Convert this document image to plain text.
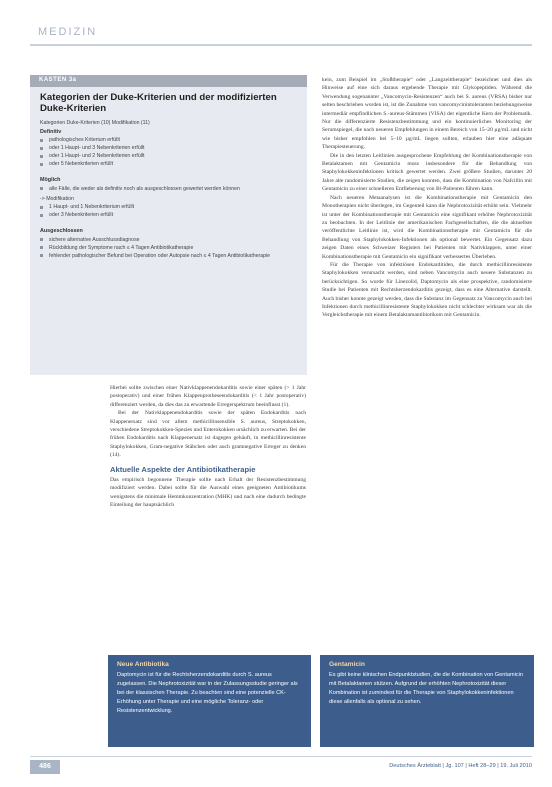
MEDIZIN
KASTEN 3a
Kategorien der Duke-Kriterien und der modifizierten Duke-Kriterien
Kategorien Duke-Kriterien (10) Modifikation (11)
Definitiv
pathologisches Kriterium erfüllt
oder 1 Haupt- und 3 Nebenkriterien erfüllt
oder 1 Haupt- und 2 Nebenkriterien erfüllt
oder 5 Nebenkriterien erfüllt
Möglich
alle Fälle, die weder als definitiv noch als ausgeschlossen gewertet werden können
-> Modifikation
1 Haupt- und 1 Nebenkriterium erfüllt
oder 3 Nebenkriterien erfüllt
Ausgeschlossen
sichere alternative Ausschlussdiagnose
Rückbildung der Symptome nach ≤ 4 Tagen Antibiotikatherapie
fehlender pathologischer Befund bei Operation oder Autopsie nach ≤ 4 Tagen Antibiotikatherapie

kein, zum Beispiel im „Stoßtherapie“ oder „Langzeittherapie“ bezeichnet und dies als Hinweise auf eine sich daraus ergebende Therapie mit Glykopeptiden. Während die Verwendung sogenannter „Vancomycin-Resistenzen“ auch bei S. aureus (VRSA) bisher nur selten beschrieben worden ist, ist die Zunahme von vancomycinintoleranten beziehungsweise intermediär empfindlichen S.-aureus-Stämmen (VISA) der eigentliche Kern der Problematik. Nur die differenzierte Resistenzbestimmung und ein kontinuierliches Monitoring der Serumspiegel, die nach neueren Empfehlungen in einem Bereich von 15–20 µg/mL und nicht wie bisher empfohlen bei 5–10 µg/mL liegen sollten, erlauben hier eine adäquate Therapiesteuerung.

Die in den letzten Leitlinien ausgesprochene Empfehlung der Kombinationstherapie von Betalaktamen mit Gentamicin muss insbesondere für die Behandlung von Staphylokokkeninfektionen kritisch gewertet werden. Zwei größere Studien, darunter 20 Jahre alte randomisierte Studien, die zeigen konnten, dass die Kombination von Nafcillin mit Gentamicin zu einer schnelleren Entfieberung von Bi-Patienten führen kann.

Nach neueren Metaanalysen ist die Kombinationstherapie mit Gentamicin den Monotherapien nicht überlegen, im Gegenteil kann die Nephrotoxizität erhöht sein. Vielmehr ist unter der Kombinationstherapie mit Gentamicin eine signifikant erhöhte Nephrotoxizität zu beobachten. In der Leitlinie der amerikanischen Fachgesellschaften, die die aktuellste veröffentlichte Leitlinie ist, wird die Kombinationstherapie mit Gentamicin für die Behandlung von Staphylokokken-Infektionen als optional bewertet. Ein Gegensatz dazu zeigen Daten eines Schweizer Registers bei Patienten mit Nativklappen, unter einer Kombinationstherapie mit Gentamicin ein signifikant verbessertes Überleben.

Für die Therapie von infektiösen Endokarditiden, die durch methicillinresistente Staphylokokken verursacht werden, sind neben Vancomycin auch neuere Substanzen zu berücksichtigen. So wurde für Linezolid, Daptomycin als eine prospektive, randomisierte Studie bei Patienten mit Rechtsherzendokarditis gezeigt, dass es eine Alternative darstellt. Auch bisher konnte gezeigt werden, dass die Substanz im Gegensatz zu Vancomycin auch bei Infektionen durch methicillinresistente Staphylokokken nicht schlechter wirksam war als die Vergleichstherapie mit einem Betalaktamantibiotikum mit Gentamicin.

Hierbei sollte zwischen einer Nativklappenendokarditis sowie einer späten (> 1 Jahr postoperativ) und einer frühen Klappenprotheseendokarditis (< 1 Jahr postoperativ) differenziert werden, da dies das zu erwartende Erregerspektrum beeinflusst (1).

Bei der Nativklappenendokarditis sowie der späten Endokarditis nach Klappenersatz sind vor allem methicillinsensible S. aureus, Streptokokken, verschiedene Streptokokken-Spezies und Enterokokken ursächlich zu erwarten. Bei der frühen Endokarditis nach Klappenersatz ist dagegen gehäuft, in methicillinresistente Staphylokokken, Gram-negative Stäbchen oder auch gramnegative Erreger zu denken (14).

Aktuelle Aspekte der Antibiotikatherapie

Das empirisch begonnene Therapie sollte nach Erhalt der Resistenzbestimmung modifiziert werden. Dabei sollte für die Auswahl eines geeigneten Antibiotikums wenigstens die minimale Hemmkonzentration (MHK) und nach eine dadurch bedingte Einteilung der hauptsächlich

Neue Antibiotika
Daptomycin ist für die Rechtsherzendokarditis durch S. aureus zugelassen. Die Nephrotoxizität war in der Zulassungsstudie geringer als bei der klassischen Therapie. Zu beachten sind eine potenzielle CK-Erhöhung unter Therapie und eine mögliche Toleranz- oder Resistenzentwicklung.
Gentamicin
Es gibt keine klinischen Endpunktstudien, die die Kombination von Gentamicin mit Betalaktamen stützen. Aufgrund der erhöhten Nephrotoxizität dieser Kombination ist zumindest für die Therapie von Staphylokokkeninfektionen diese allenfalls als optional zu sehen.
486	Deutsches Ärzteblatt | Jg. 107 | Heft 28–29 | 19. Juli 2010
